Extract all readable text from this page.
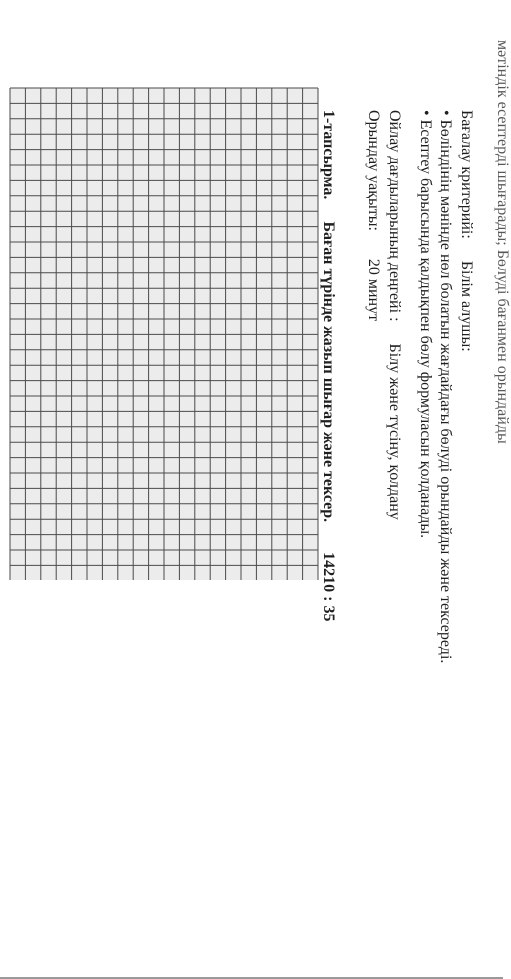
мәтіндік есептерді шығарады; Бөлуді бағанмен орындайды
Бағалау критерийі:  Білім алушы:
• Бөліндінің мәнінде нөл болатын жағдайдағы бөлуді орындайды және тексереді.
• Есептеу барысында қалдықпен бөлу формуласын қолданады.
Ойлау дағдыларының деңгейі :  Білу және түсіну, қолдану
Орындау уақыты:  20 минут
1-тапсырма.  Баған түрінде жазып шығар және тексер.  14210 : 35
